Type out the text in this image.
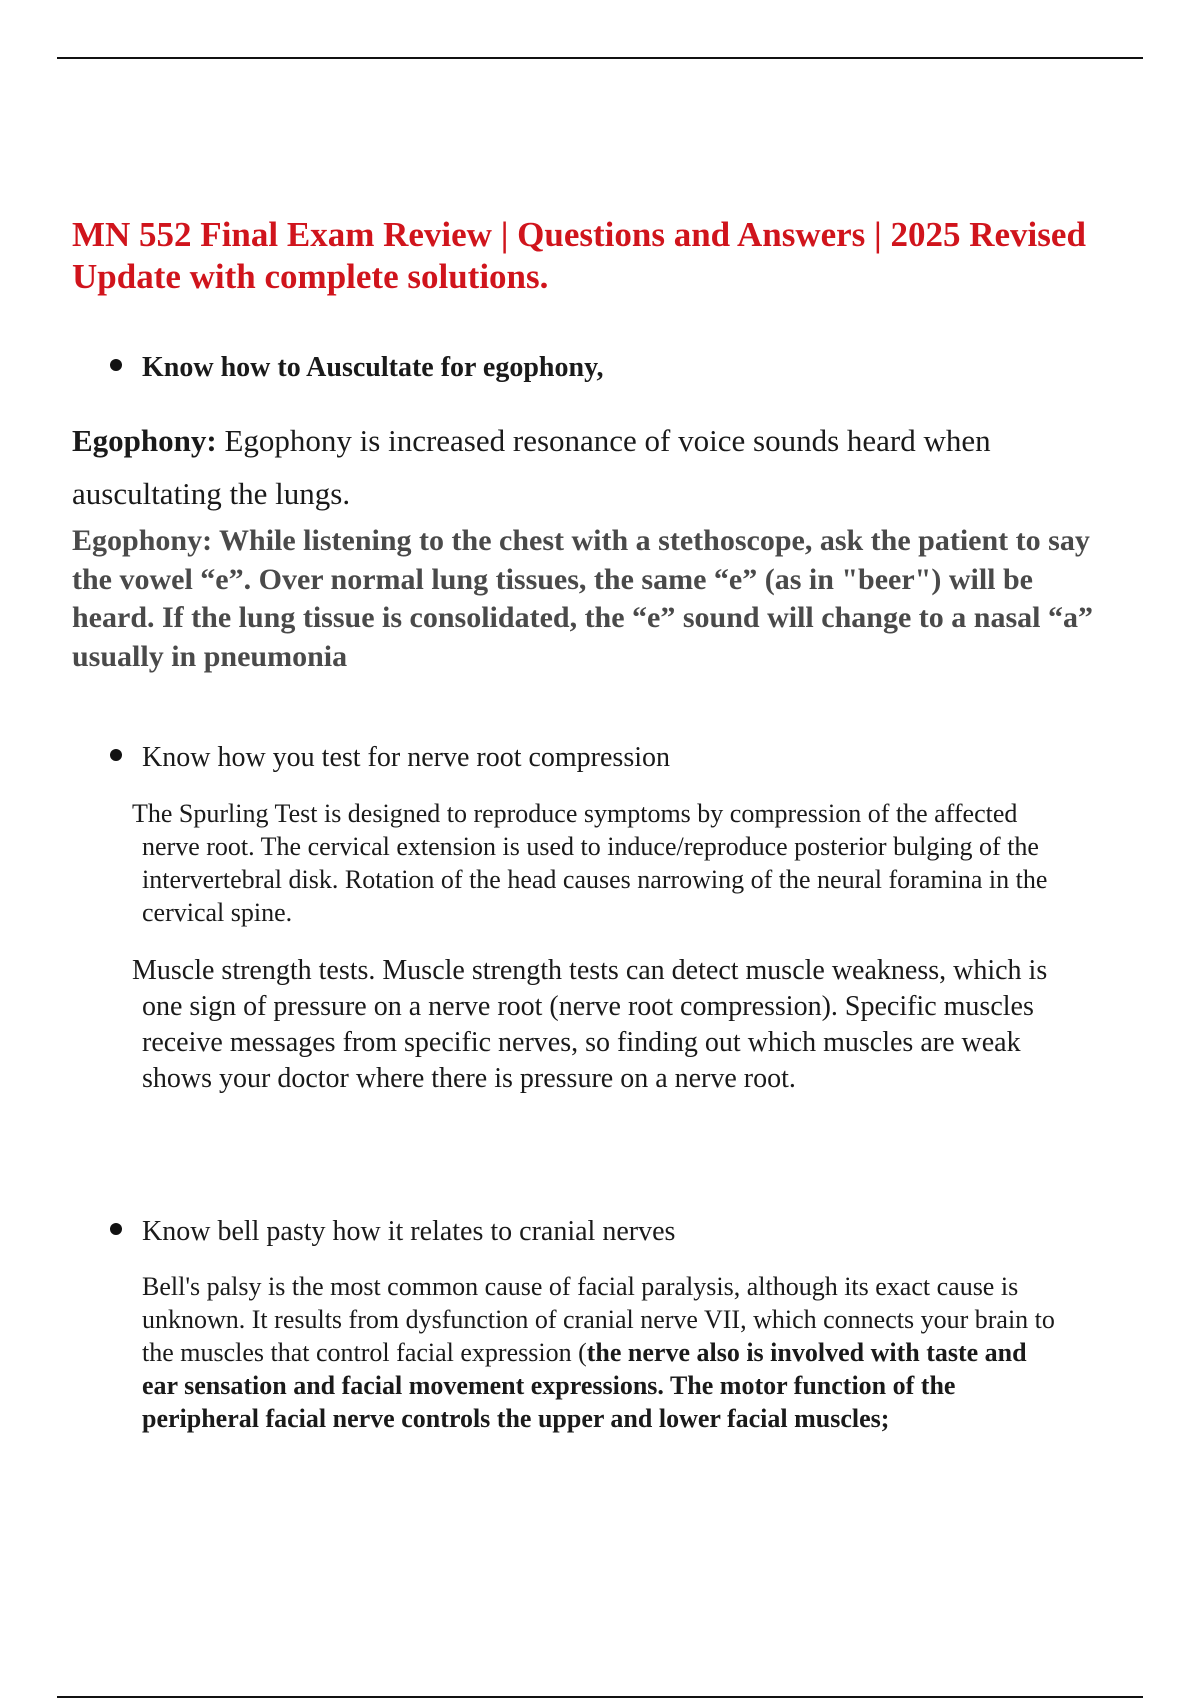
MN 552 Final Exam Review | Questions and Answers | 2025 Revised Update with complete solutions.
Know how to Auscultate for egophony,

Egophony: Egophony is increased resonance of voice sounds heard when auscultating the lungs.

Egophony: While listening to the chest with a stethoscope, ask the patient to say the vowel “e”. Over normal lung tissues, the same “e” (as in "beer") will be heard. If the lung tissue is consolidated, the “e” sound will change to a nasal “a” usually in pneumonia

Know how you test for nerve root compression

The Spurling Test is designed to reproduce symptoms by compression of the affected nerve root. The cervical extension is used to induce/reproduce posterior bulging of the intervertebral disk. Rotation of the head causes narrowing of the neural foramina in the cervical spine.

Muscle strength tests. Muscle strength tests can detect muscle weakness, which is one sign of pressure on a nerve root (nerve root compression). Specific muscles receive messages from specific nerves, so finding out which muscles are weak shows your doctor where there is pressure on a nerve root.

Know bell pasty how it relates to cranial nerves

Bell's palsy is the most common cause of facial paralysis, although its exact cause is unknown. It results from dysfunction of cranial nerve VII, which connects your brain to the muscles that control facial expression (the nerve also is involved with taste and ear sensation and facial movement expressions. The motor function of the peripheral facial nerve controls the upper and lower facial muscles;
